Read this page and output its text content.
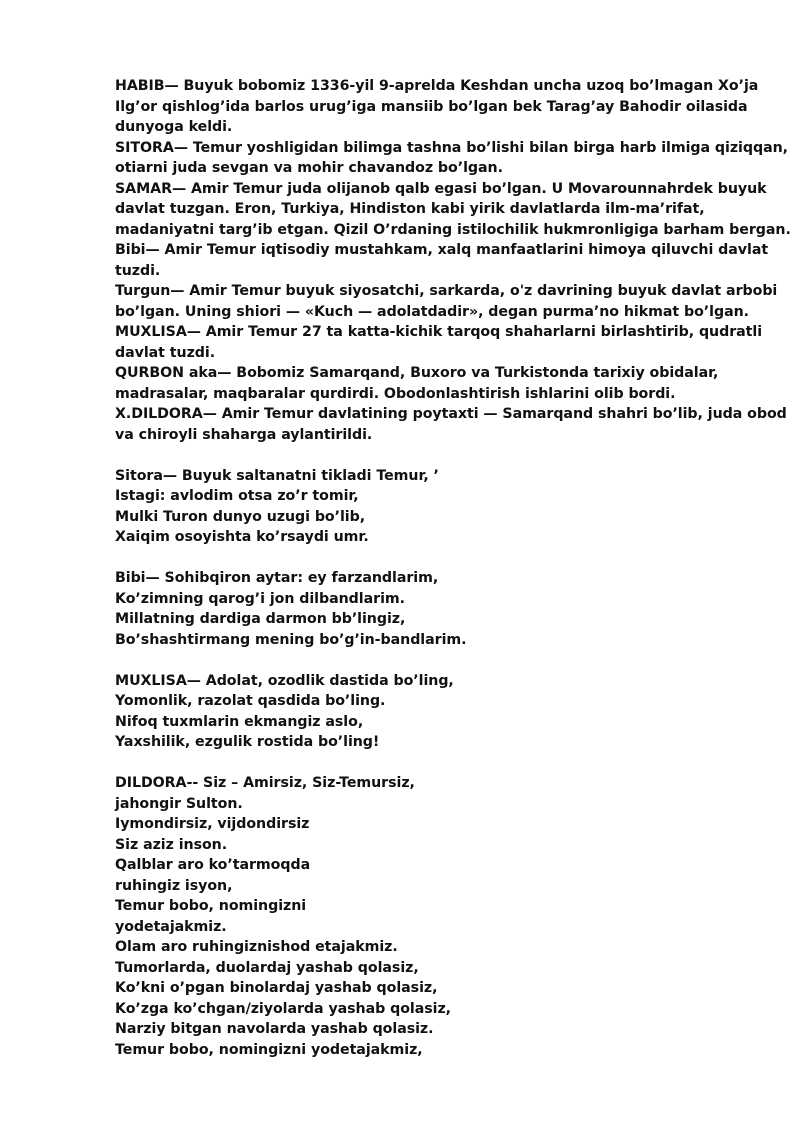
HABIB— Buyuk bobomiz 1336-yil 9-aprelda Keshdan uncha uzoq bo’lmagan Xo’ja
Ilg’or qishlog’ida barlos urug’iga mansiib bo’lgan bek Tarag’ay Bahodir oilasida
dunyoga keldi.
SITORA— Temur yoshligidan bilimga tashna bo’lishi bilan birga harb ilmiga qiziqqan,
otiarni juda sevgan va mohir chavandoz bo’lgan.
SAMAR— Amir Temur juda olijanob qalb egasi bo’lgan. U Movarounnahrdek buyuk
davlat tuzgan. Eron, Turkiya, Hindiston kabi yirik davlatlarda ilm-ma’rifat,
madaniyatni targ’ib etgan. Qizil O’rdaning istilochilik hukmronligiga barham bergan.
Bibi— Amir Temur iqtisodiy mustahkam, xalq manfaatlarini himoya qiluvchi davlat
tuzdi.
Turgun— Amir Temur buyuk siyosatchi, sarkarda, o'z davrining buyuk davlat arbobi
bo’lgan. Uning shiori — «Kuch — adolatdadir», degan purma’no hikmat bo’lgan.
MUXLISA— Amir Temur 27 ta katta-kichik tarqoq shaharlarni birlashtirib, qudratli
davlat tuzdi.
QURBON aka— Bobomiz Samarqand, Buxoro va Turkistonda tarixiy obidalar,
madrasalar, maqbaralar qurdirdi. Obodonlashtirish ishlarini olib bordi.
X.DILDORA— Amir Temur davlatining poytaxti — Samarqand shahri bo’lib, juda obod
va chiroyli shaharga aylantirildi.
Sitora— Buyuk saltanatni tikladi Temur, ’
Istagi: avlodim otsa zo’r tomir,
Mulki Turon dunyo uzugi bo’lib,
Xaiqim osoyishta ko’rsaydi umr.
Bibi— Sohibqiron aytar: ey farzandlarim,
Ko’zimning qarog’i jon dilbandlarim.
Millatning dardiga darmon bb’lingiz,
Bo’shashtirmang mening bo’g’in-bandlarim.
MUXLISA— Adolat, ozodlik dastida bo’ling,
Yomonlik, razolat qasdida bo’ling.
Nifoq tuxmlarin ekmangiz aslo,
Yaxshilik, ezgulik rostida bo’ling!
DILDORA-- Siz – Amirsiz, Siz-Temursiz,
jahongir Sulton.
Iymondirsiz, vijdondirsiz
Siz aziz inson.
Qalblar aro ko’tarmoqda
ruhingiz isyon,
Temur bobo, nomingizni
yodetajakmiz.
Olam aro ruhingiznishod etajakmiz.
Tumorlarda, duolardaj yashab qolasiz,
Ko’kni o’pgan binolardaj yashab qolasiz,
Ko’zga ko’chgan/ziyolarda yashab qolasiz,
Narziy bitgan navolarda yashab qolasiz.
Temur bobo, nomingizni yodetajakmiz,
